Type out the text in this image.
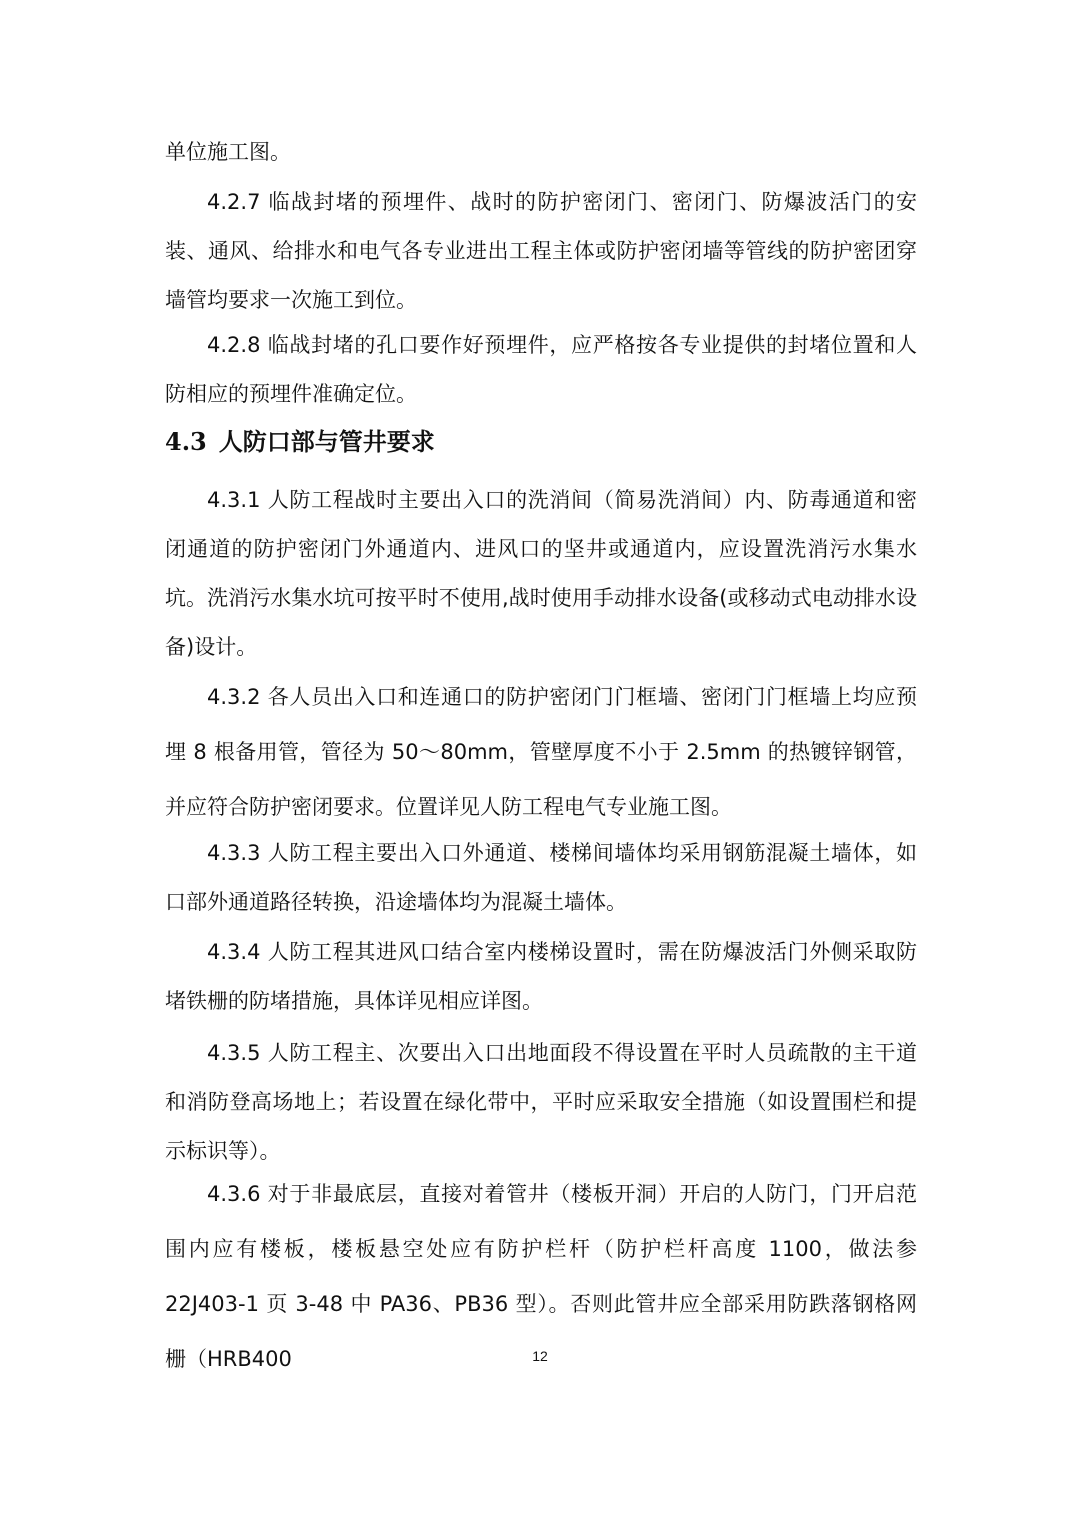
单位施工图。

4.2.7 临战封堵的预埋件、战时的防护密闭门、密闭门、防爆波活门的安装、通风、给排水和电气各专业进出工程主体或防护密闭墙等管线的防护密团穿墙管均要求一次施工到位。

4.2.8 临战封堵的孔口要作好预埋件，应严格按各专业提供的封堵位置和人防相应的预埋件准确定位。

4.3 人防口部与管井要求

4.3.1 人防工程战时主要出入口的洗消间（简易洗消间）内、防毒通道和密闭通道的防护密闭门外通道内、进风口的坚井或通道内，应设置洗消污水集水坑。洗消污水集水坑可按平时不使用,战时使用手动排水设备(或移动式电动排水设备)设计。

4.3.2 各人员出入口和连通口的防护密闭门门框墙、密闭门门框墙上均应预埋 8 根备用管，管径为 50～80mm，管壁厚度不小于 2.5mm 的热镀锌钢管，并应符合防护密闭要求。位置详见人防工程电气专业施工图。

4.3.3 人防工程主要出入口外通道、楼梯间墙体均采用钢筋混凝土墙体，如口部外通道路径转换，沿途墙体均为混凝土墙体。

4.3.4 人防工程其进风口结合室内楼梯设置时，需在防爆波活门外侧采取防堵铁栅的防堵措施，具体详见相应详图。

4.3.5 人防工程主、次要出入口出地面段不得设置在平时人员疏散的主干道和消防登高场地上；若设置在绿化带中，平时应采取安全措施（如设置围栏和提示标识等）。

4.3.6 对于非最底层，直接对着管井（楼板开洞）开启的人防门，门开启范围内应有楼板，楼板悬空处应有防护栏杆（防护栏杆高度 1100，做法参 22J403-1 页 3-48 中 PA36、PB36 型）。否则此管井应全部采用防跌落钢格网栅（HRB400	12
